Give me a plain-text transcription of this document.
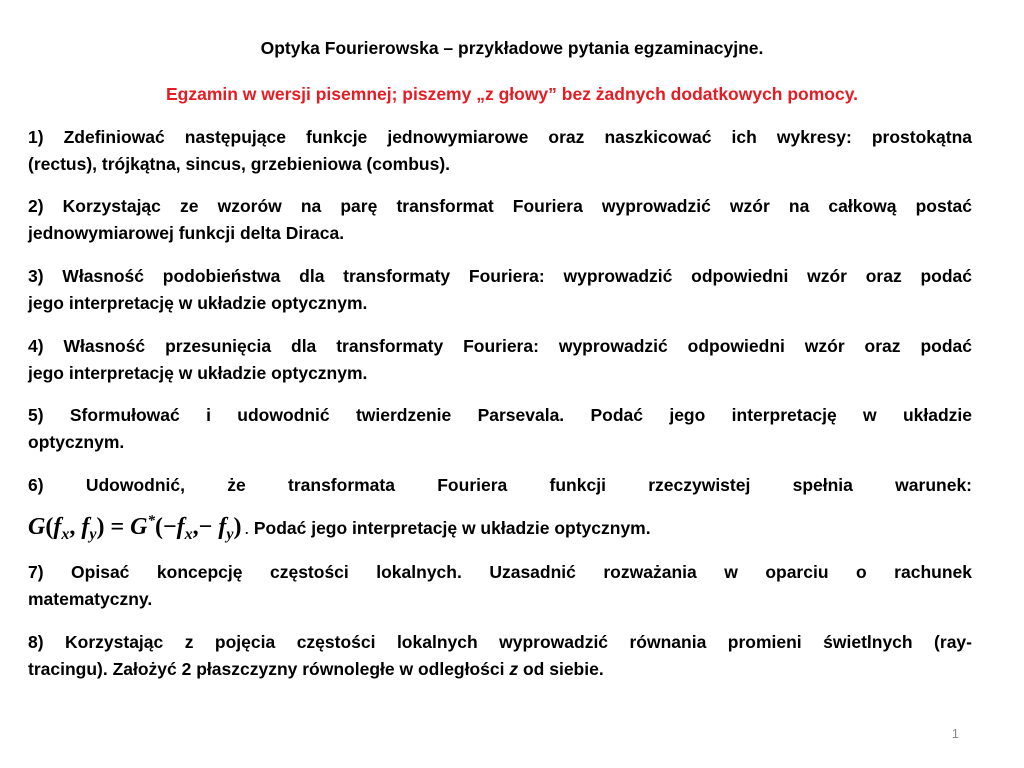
Optyka Fourierowska – przykładowe pytania egzaminacyjne.
Egzamin w wersji pisemnej; piszemy „z głowy” bez żadnych dodatkowych pomocy.
1) Zdefiniować następujące funkcje jednowymiarowe oraz naszkicować ich wykresy: prostokątna
(rectus), trójkątna, sincus, grzebieniowa (combus).
2) Korzystając ze wzorów na parę transformat Fouriera wyprowadzić wzór na całkową postać
jednowymiarowej funkcji delta Diraca.
3) Własność podobieństwa dla transformaty Fouriera: wyprowadzić odpowiedni wzór oraz podać
jego interpretację w układzie optycznym.
4) Własność przesunięcia dla transformaty Fouriera: wyprowadzić odpowiedni wzór oraz podać
jego interpretację w układzie optycznym.
5) Sformułować i udowodnić twierdzenie Parsevala. Podać jego interpretację w układzie
optycznym.
6) Udowodnić, że transformata Fouriera funkcji rzeczywistej spełnia warunek:
$G(f_x$, $f_y) = G^*(-f_x,- f_y)$ . Podać jego interpretację w układzie optycznym.
7) Opisać koncepcję częstości lokalnych. Uzasadnić rozważania w oparciu o rachunek
matematyczny.
8) Korzystając z pojęcia częstości lokalnych wyprowadzić równania promieni świetlnych (ray-
tracingu). Założyć 2 płaszczyzny równoległe w odległości z od siebie.
1
